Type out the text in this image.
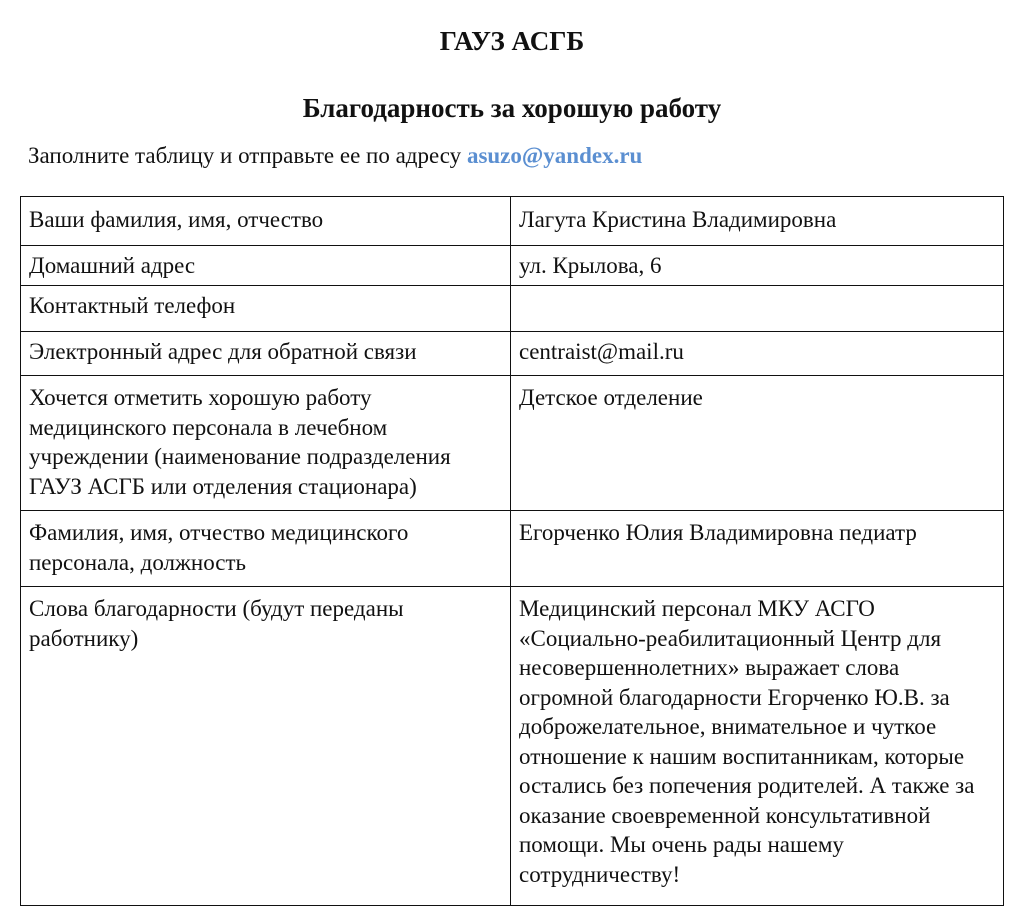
ГАУЗ АСГБ
Благодарность за хорошую работу
Заполните таблицу и отправьте ее по адресу asuzo@yandex.ru
Ваши фамилия, имя, отчество	Лагута Кристина Владимировна
Домашний адрес	ул. Крылова, 6
Контактный телефон	
Электронный адрес для обратной связи	centraist@mail.ru
Хочется отметить хорошую работу медицинского персонала в лечебном учреждении (наименование подразделения ГАУЗ АСГБ или отделения стационара)	Детское отделение
Фамилия, имя, отчество медицинского персонала, должность	Егорченко Юлия Владимировна педиатр
Слова благодарности (будут переданы работнику)	Медицинский персонал МКУ АСГО «Социально-реабилитационный Центр для несовершеннолетних» выражает слова огромной благодарности Егорченко Ю.В. за доброжелательное, внимательное и чуткое отношение к нашим воспитанникам, которые остались без попечения родителей. А также за оказание своевременной консультативной помощи. Мы очень рады нашему сотрудничеству!
